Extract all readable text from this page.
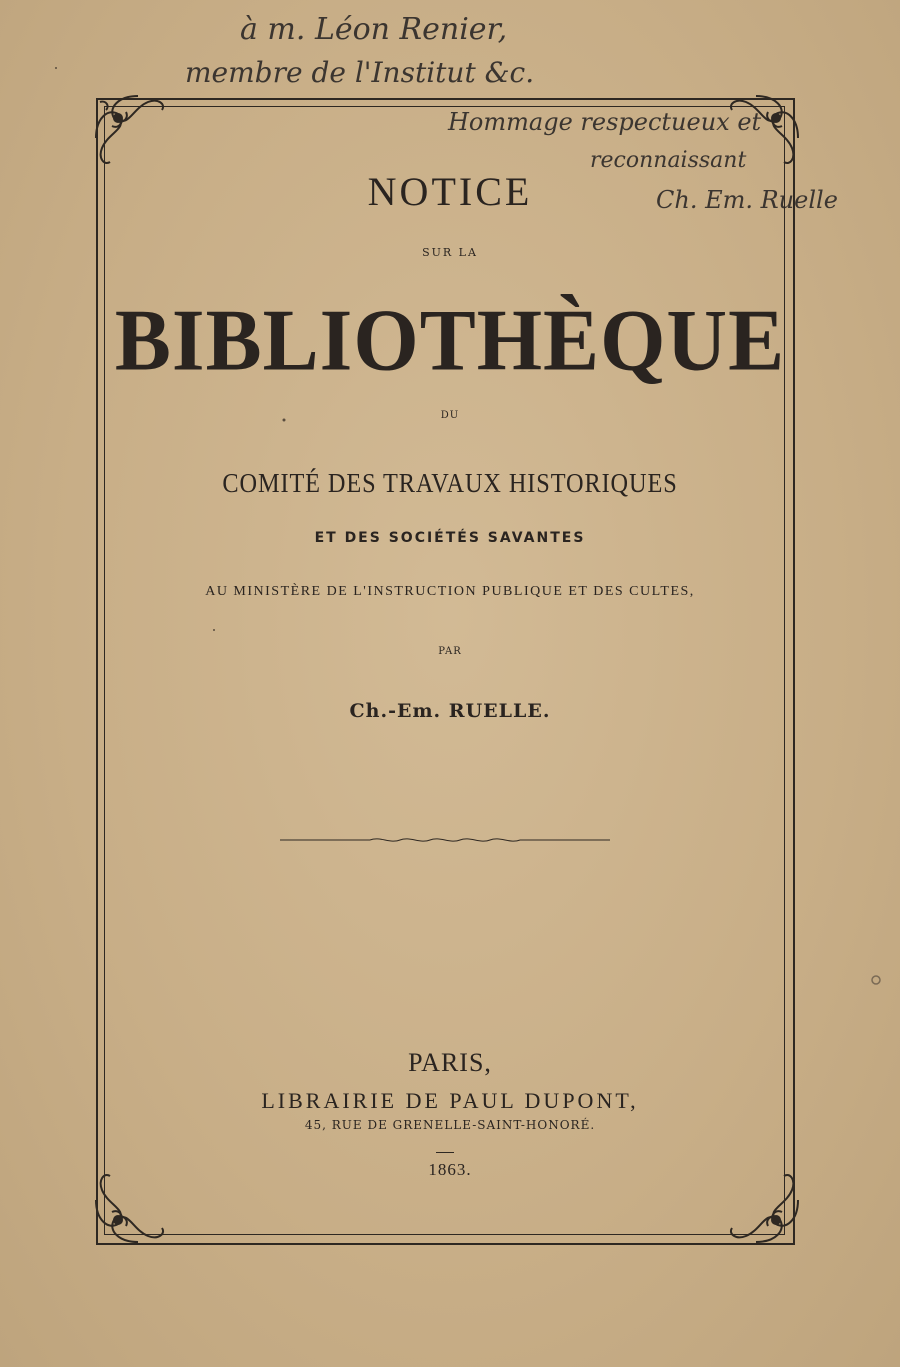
à m. Léon Renier,
membre de l'Institut &c.
Hommage respectueux et
reconnaissant
Ch. Em. Ruelle
NOTICE
SUR LA
BIBLIOTHÈQUE
DU
COMITÉ DES TRAVAUX HISTORIQUES
ET DES SOCIÉTÉS SAVANTES
AU MINISTÈRE DE L'INSTRUCTION PUBLIQUE ET DES CULTES,
PAR
Ch.-Em. RUELLE.
PARIS,
LIBRAIRIE DE PAUL DUPONT,
45, RUE DE GRENELLE-SAINT-HONORÉ.
1863.
